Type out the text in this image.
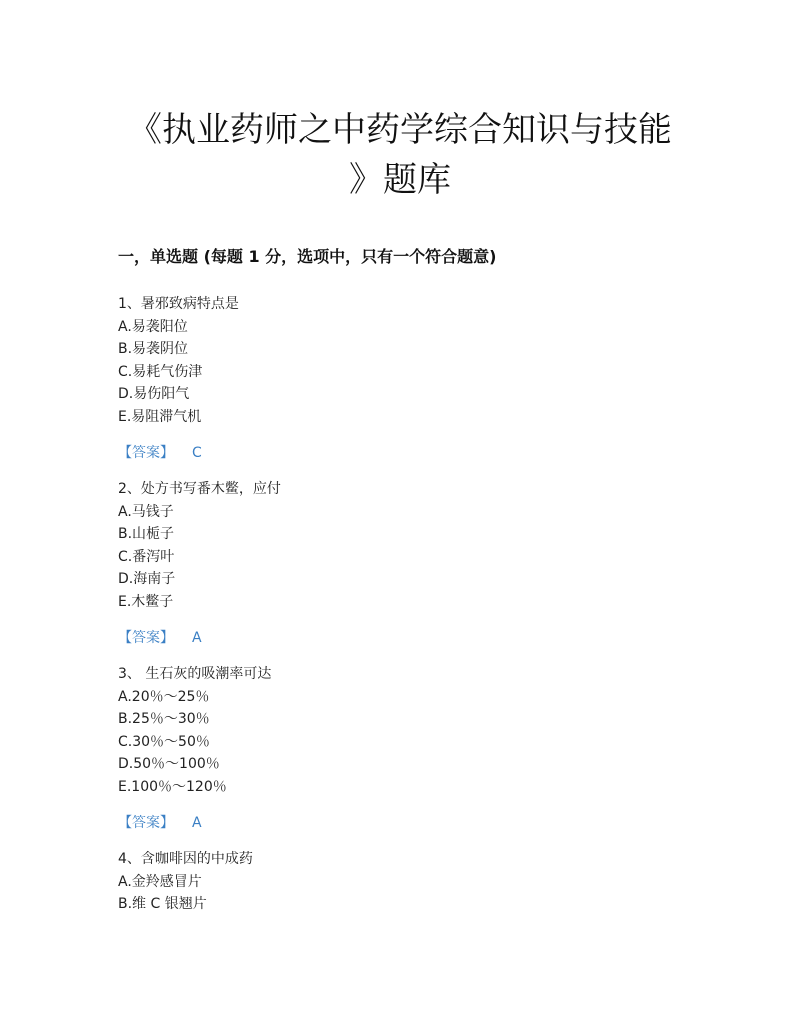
《执业药师之中药学综合知识与技能
》题库
一，单选题 (每题 1 分，选项中，只有一个符合题意)
1、暑邪致病特点是
A.易袭阳位
B.易袭阴位
C.易耗气伤津
D.易伤阳气
E.易阻滞气机
【答案】 C
2、处方书写番木鳖，应付
A.马钱子
B.山栀子
C.番泻叶
D.海南子
E.木鳖子
【答案】 A
3、 生石灰的吸潮率可达
A.20％～25％
B.25％～30％
C.30％～50％
D.50％～100％
E.100％～120％
【答案】 A
4、含咖啡因的中成药
A.金羚感冒片
B.维 C 银翘片
